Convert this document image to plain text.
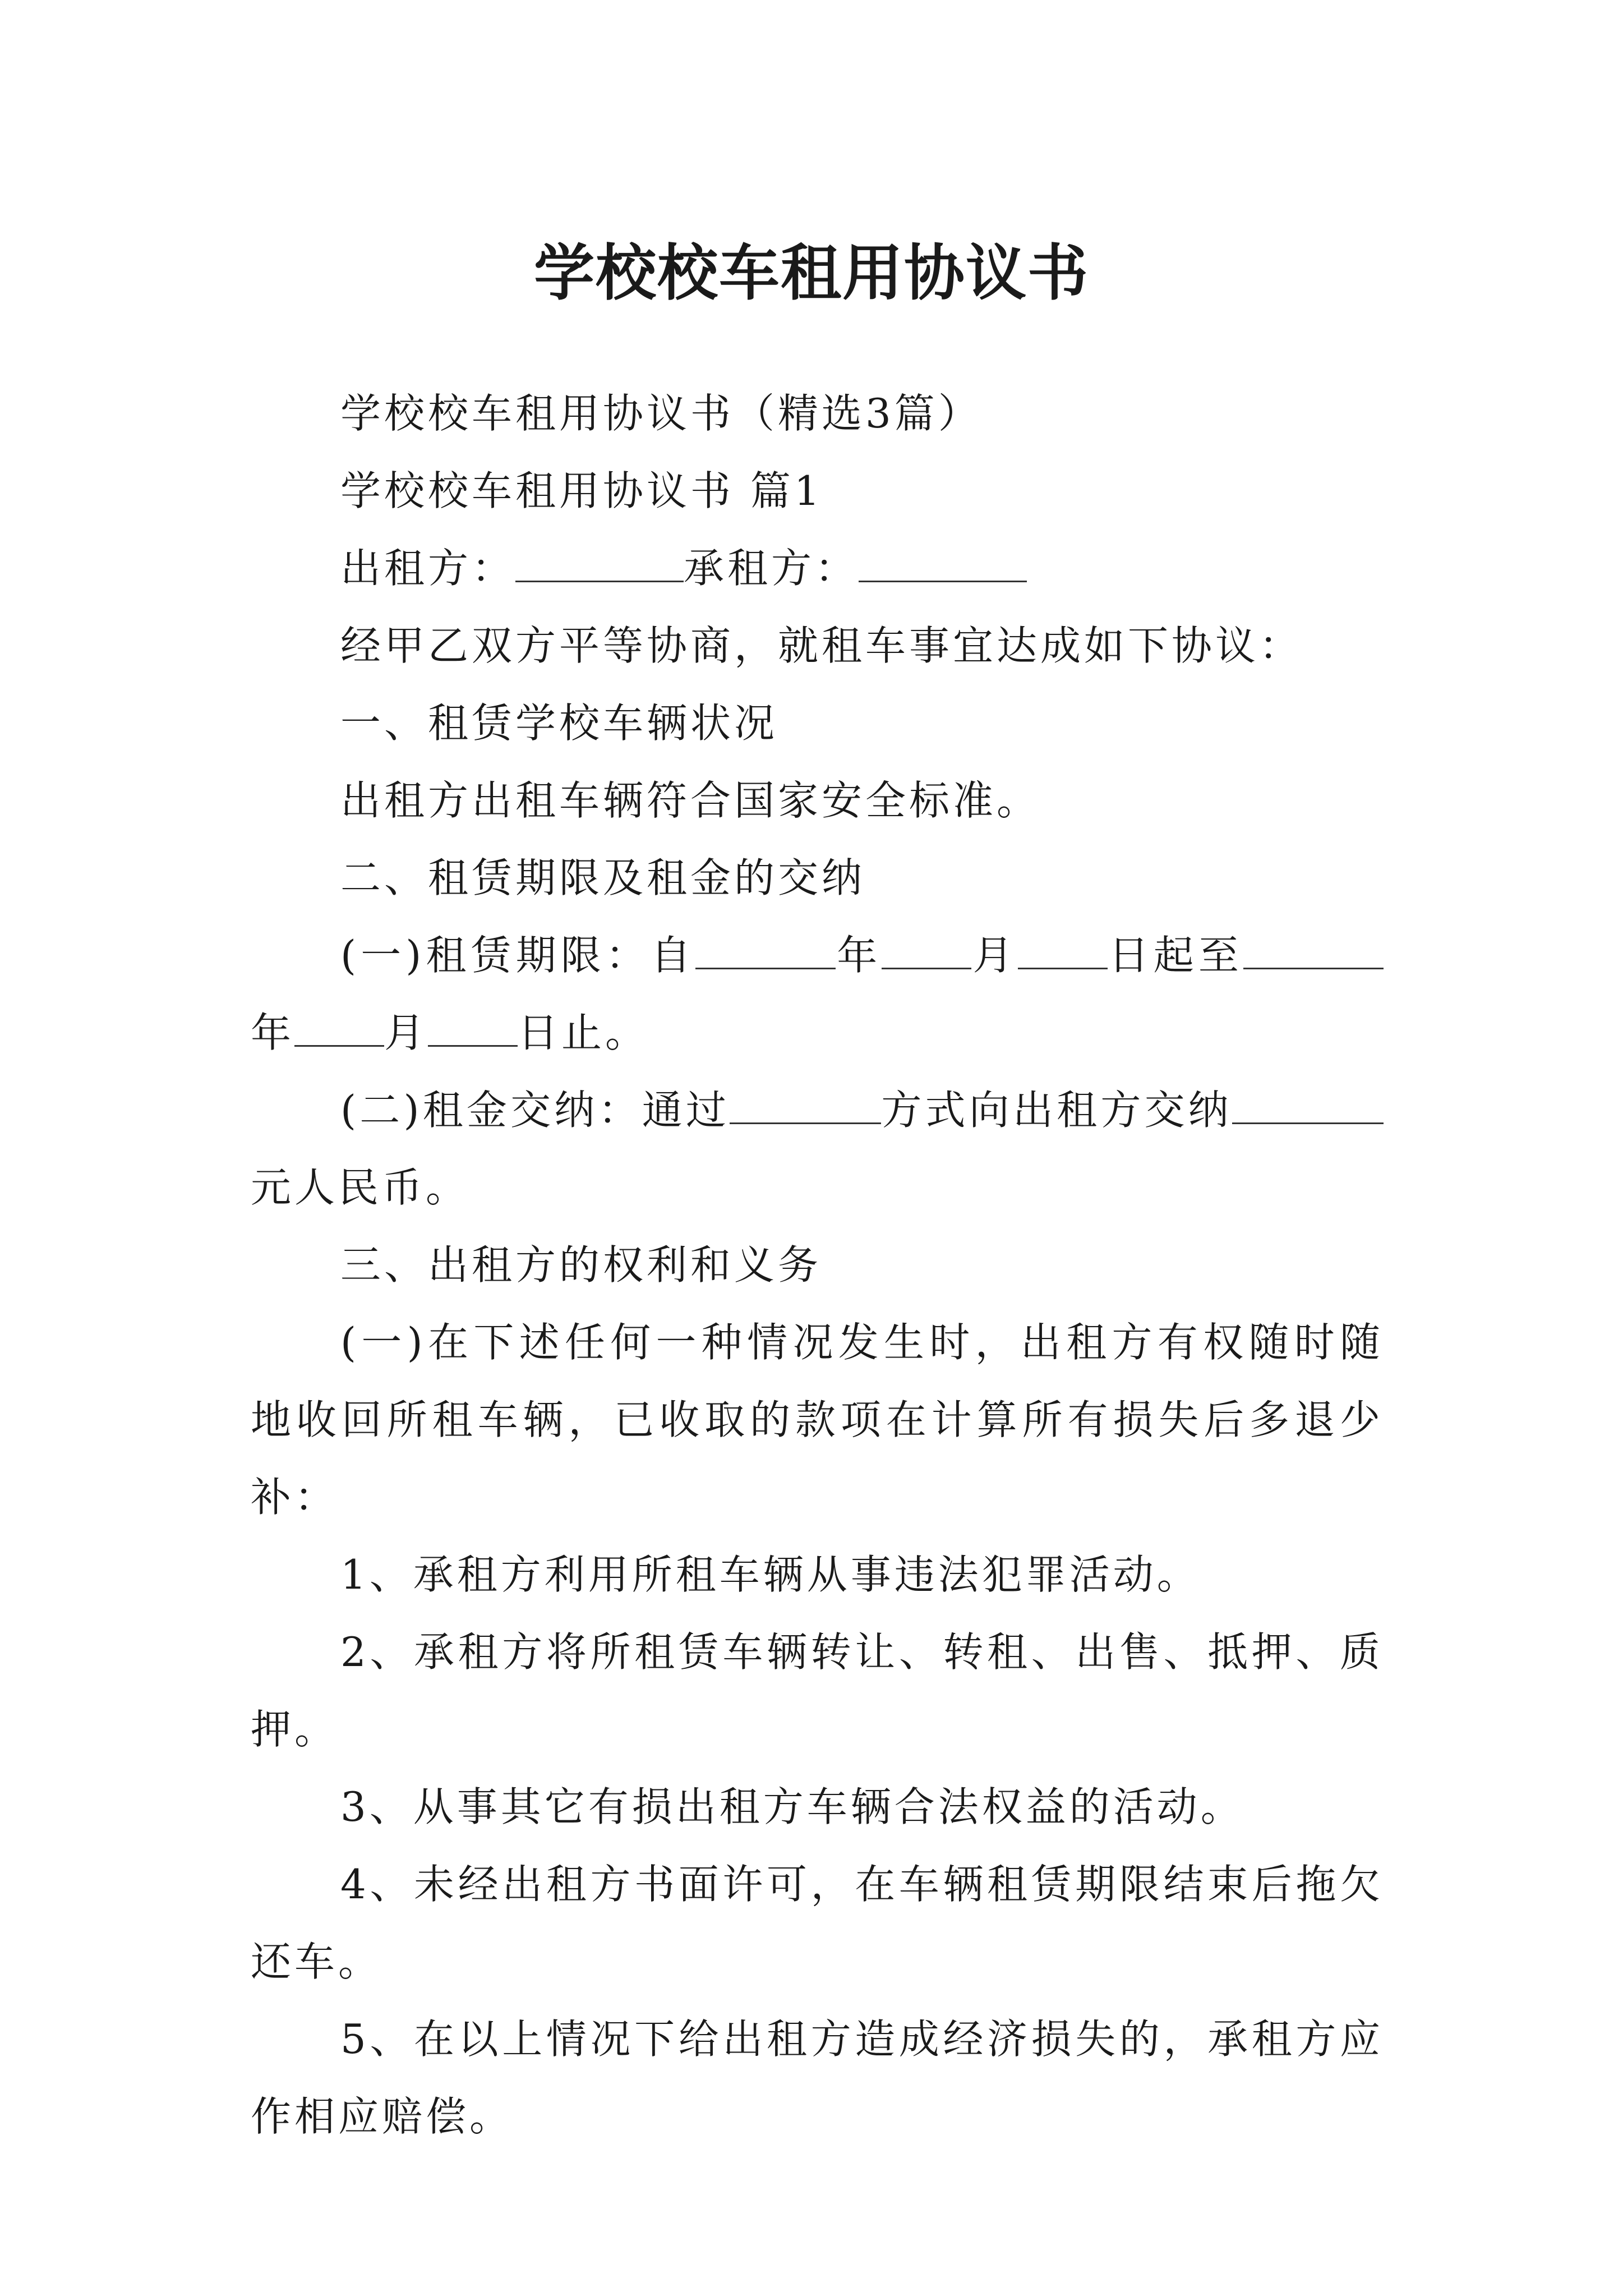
学校校车租用协议书

学校校车租用协议书（精选3篇）

学校校车租用协议书 篇1

出租方：	承租方：

经甲乙双方平等协商，就租车事宜达成如下协议：

一、租赁学校车辆状况

出租方出租车辆符合国家安全标准。

二、租赁期限及租金的交纳

(一)租赁期限：自	年 月 日起至年 月 日止。

(二)租金交纳：通过	方式向出租方交纳元人民币。

三、出租方的权利和义务

(一)在下述任何一种情况发生时，出租方有权随时随地收回所租车辆，已收取的款项在计算所有损失后多退少补：

1、承租方利用所租车辆从事违法犯罪活动。

2、承租方将所租赁车辆转让、转租、出售、抵押、质押。

3、从事其它有损出租方车辆合法权益的活动。

4、未经出租方书面许可，在车辆租赁期限结束后拖欠还车。

5、在以上情况下给出租方造成经济损失的，承租方应作相应赔偿。
